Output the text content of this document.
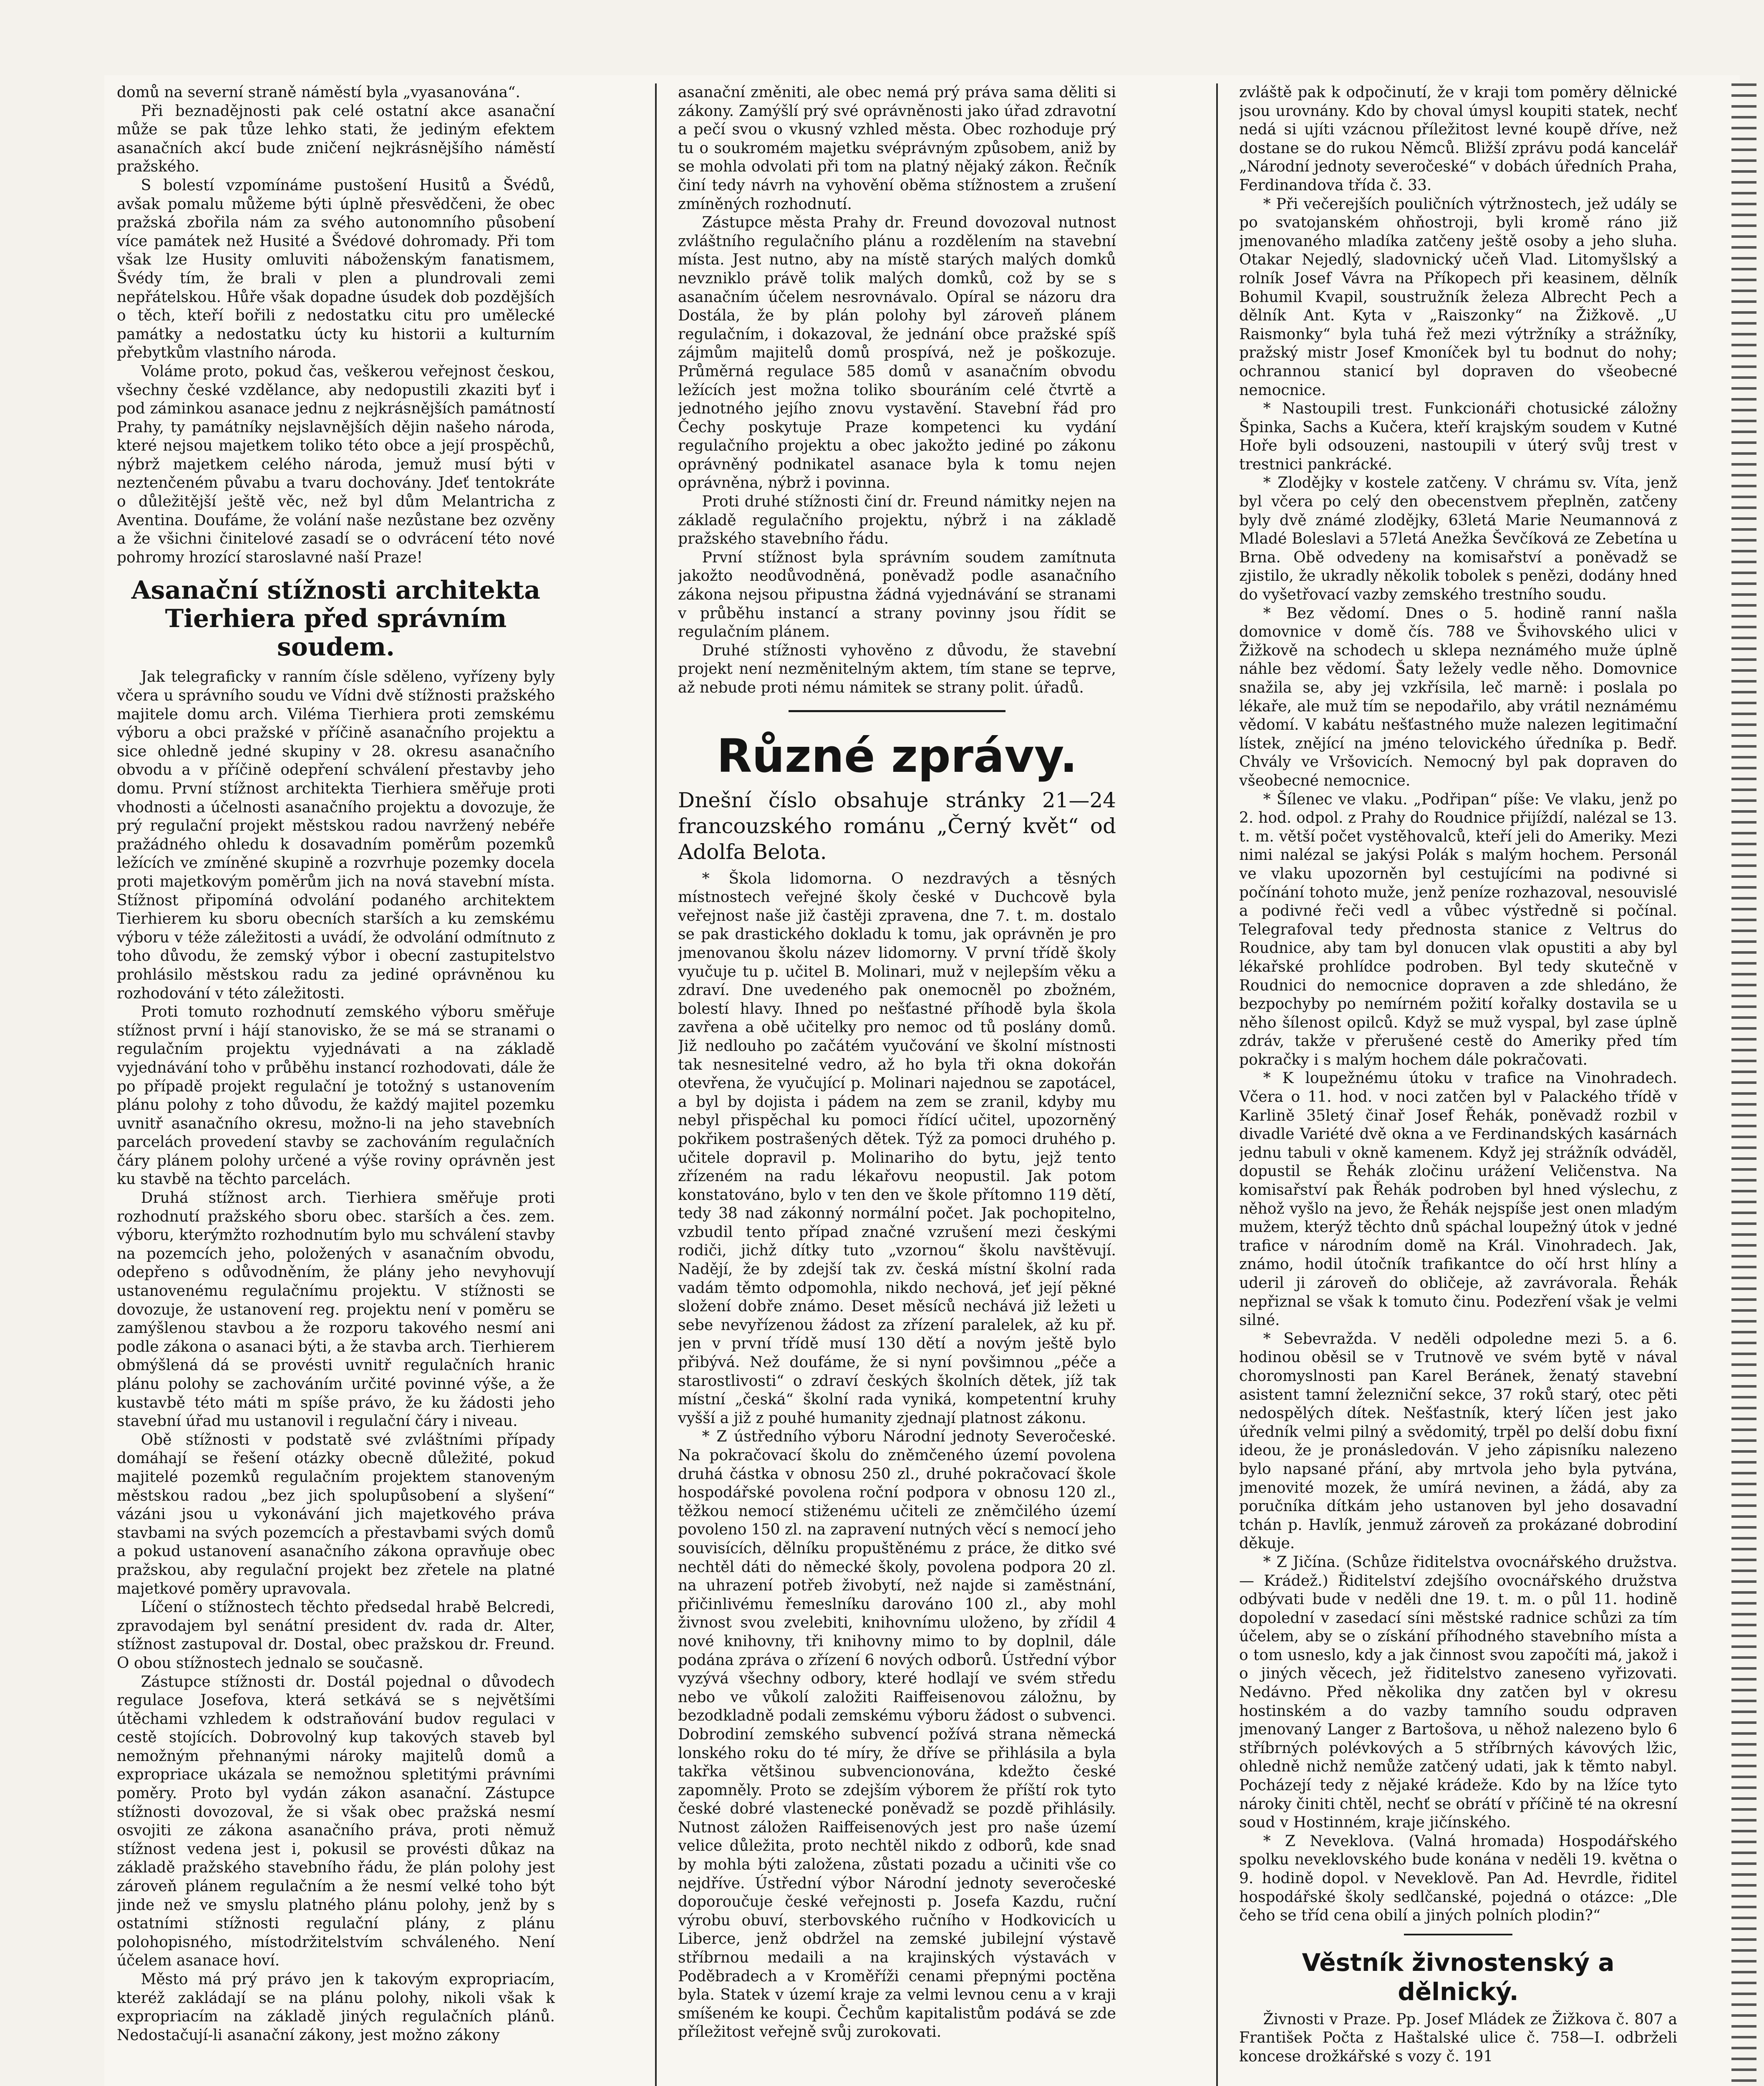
domů na severní straně náměstí byla „vyasanována“.

Při beznadějnosti pak celé ostatní akce asanační může se pak tůze lehko stati, že jediným efektem asanačních akcí bude zničení nejkrásnějšího náměstí pražského.

S bolestí vzpomínáme pustošení Husitů a Švédů, avšak pomalu můžeme býti úplně přesvědčeni, že obec pražská zbořila nám za svého autonomního působení více památek než Husité a Švédové dohromady. Při tom však lze Husity omluviti náboženským fanatismem, Švédy tím, že brali v plen a plundrovali zemi nepřátelskou. Hůře však dopadne úsudek dob pozdějších o těch, kteří bořili z nedostatku citu pro umělecké památky a nedostatku úcty ku historii a kulturním přebytkům vlastního národa.

Voláme proto, pokud čas, veškerou veřejnost českou, všechny české vzdělance, aby nedopustili zkaziti byť i pod záminkou asanace jednu z nejkrásnějších památností Prahy, ty památníky nejslavnějších dějin našeho národa, které nejsou majetkem toliko této obce a její prospěchů, nýbrž majetkem celého národa, jemuž musí býti v neztenčeném půvabu a tvaru dochovány. Jdeť tentokráte o důležitější ještě věc, než byl dům Melantricha z Aventina. Doufáme, že volání naše nezůstane bez ozvěny a že všichni činitelové zasadí se o odvrácení této nové pohromy hrozící staroslavné naší Praze!

Asanační stížnosti architekta Tierhiera před správním soudem.

Jak telegraficky v ranním čísle sděleno, vyřízeny byly včera u správního soudu ve Vídni dvě stížnosti pražského majitele domu arch. Viléma Tierhiera proti zemskému výboru a obci pražské v příčině asanačního projektu a sice ohledně jedné skupiny v 28. okresu asanačního obvodu a v příčině odepření schválení přestavby jeho domu. První stížnost architekta Tierhiera směřuje proti vhodnosti a účelnosti asanačního projektu a dovozuje, že prý regulační projekt městskou radou navržený nebéře pražádného ohledu k dosavadním poměrům pozemků ležících ve zmíněné skupině a rozvrhuje pozemky docela proti majetkovým poměrům jich na nová stavební místa. Stížnost připomíná odvolání podaného architektem Tierhierem ku sboru obecních starších a ku zemskému výboru v téže záležitosti a uvádí, že odvolání odmítnuto z toho důvodu, že zemský výbor i obecní zastupitelstvo prohlásilo městskou radu za jediné oprávněnou ku rozhodování v této záležitosti.

Proti tomuto rozhodnutí zemského výboru směřuje stížnost první i hájí stanovisko, že se má se stranami o regulačním projektu vyjednávati a na základě vyjednávání toho v průběhu instancí rozhodovati, dále že po případě projekt regulační je totožný s ustanovením plánu polohy z toho důvodu, že každý majitel pozemku uvnitř asanačního okresu, možno-li na jeho stavebních parcelách provedení stavby se zachováním regulačních čáry plánem polohy určené a výše roviny oprávněn jest ku stavbě na těchto parcelách.

Druhá stížnost arch. Tierhiera směřuje proti rozhodnutí pražského sboru obec. starších a čes. zem. výboru, kterýmžto rozhodnutím bylo mu schválení stavby na pozemcích jeho, položených v asanačním obvodu, odepřeno s odůvodněním, že plány jeho nevyhovují ustanovenému regulačnímu projektu. V stížnosti se dovozuje, že ustanovení reg. projektu není v poměru se zamýšlenou stavbou a že rozporu takového nesmí ani podle zákona o asanaci býti, a že stavba arch. Tierhierem obmýšlená dá se provésti uvnitř regulačních hranic plánu polohy se zachováním určité povinné výše, a že kustavbě této máti m spíše právo, že ku žádosti jeho stavební úřad mu ustanovil i regulační čáry i niveau.

Obě stížnosti v podstatě své zvláštními případy domáhají se řešení otázky obecně důležité, pokud majitelé pozemků regulačním projektem stanoveným městskou radou „bez jich spolupůsobení a slyšení“ vázáni jsou u vykonávání jich majetkového práva stavbami na svých pozemcích a přestavbami svých domů a pokud ustanovení asanačního zákona opravňuje obec pražskou, aby regulační projekt bez zřetele na platné majetkové poměry upravovala.

Líčení o stížnostech těchto předsedal hrabě Belcredi, zpravodajem byl senátní president dv. rada dr. Alter, stížnost zastupoval dr. Dostal, obec pražskou dr. Freund. O obou stížnostech jednalo se současně.

Zástupce stížnosti dr. Dostál pojednal o důvodech regulace Josefova, která setkává se s největšími útěchami vzhledem k odstraňování budov regulaci v cestě stojících. Dobrovolný kup takových staveb byl nemožným přehnanými nároky majitelů domů a expropriace ukázala se nemožnou spletitými právními poměry. Proto byl vydán zákon asanační. Zástupce stížnosti dovozoval, že si však obec pražská nesmí osvojiti ze zákona asanačního práva, proti němuž stížnost vedena jest i, pokusil se provésti důkaz na základě pražského stavebního řádu, že plán polohy jest zároveň plánem regulačním a že nesmí velké toho být jinde než ve smyslu platného plánu polohy, jenž by s ostatními stížnosti regulační plány, z plánu polohopisného, místodržitelstvím schváleného. Není účelem asanace hoví.

Město má prý právo jen k takovým expropriacím, kteréž zakládají se na plánu polohy, nikoli však k expropriacím na základě jiných regulačních plánů. Nedostačují-li asanační zákony, jest možno zákony

asanační změniti, ale obec nemá prý práva sama děliti si zákony. Zamýšlí prý své oprávněnosti jako úřad zdravotní a pečí svou o vkusný vzhled města. Obec rozhoduje prý tu o soukromém majetku svéprávným způsobem, aniž by se mohla odvolati při tom na platný nějaký zákon. Řečník činí tedy návrh na vyhovění oběma stížnostem a zrušení zmíněných rozhodnutí.

Zástupce města Prahy dr. Freund dovozoval nutnost zvláštního regulačního plánu a rozdělením na stavební místa. Jest nutno, aby na místě starých malých domků nevzniklo právě tolik malých domků, což by se s asanačním účelem nesrovnávalo. Opíral se názoru dra Dostála, že by plán polohy byl zároveň plánem regulačním, i dokazoval, že jednání obce pražské spíš zájmům majitelů domů prospívá, než je poškozuje. Průměrná regulace 585 domů v asanačním obvodu ležících jest možna toliko sbouráním celé čtvrtě a jednotného jejího znovu vystavění. Stavební řád pro Čechy poskytuje Praze kompetenci ku vydání regulačního projektu a obec jakožto jediné po zákonu oprávněný podnikatel asanace byla k tomu nejen oprávněna, nýbrž i povinna.

Proti druhé stížnosti činí dr. Freund námitky nejen na základě regulačního projektu, nýbrž i na základě pražského stavebního řádu.

První stížnost byla správním soudem zamítnuta jakožto neodůvodněná, poněvadž podle asanačního zákona nejsou připustna žádná vyjednávání se stranami v průběhu instancí a strany povinny jsou řídit se regulačním plánem.

Druhé stížnosti vyhověno z důvodu, že stavební projekt není nezměnitelným aktem, tím stane se teprve, až nebude proti nému námitek se strany polit. úřadů.

Různé zprávy.
Dnešní číslo obsahuje stránky 21—24 francouzského románu „Černý květ“ od Adolfa Belota.

* Škola lidomorna. O nezdravých a těsných místnostech veřejné školy české v Duchcově byla veřejnost naše již častěji zpravena, dne 7. t. m. dostalo se pak drastického dokladu k tomu, jak oprávněn je pro jmenovanou školu název lidomorny. V první třídě školy vyučuje tu p. učitel B. Molinari, muž v nejlepším věku a zdraví. Dne uvedeného pak onemocněl po zbožném, bolestí hlavy. Ihned po nešťastné příhodě byla škola zavřena a obě učitelky pro nemoc od tů poslány domů. Již nedlouho po začátém vyučování ve školní místnosti tak nesnesitelné vedro, až ho byla tři okna dokořán otevřena, že vyučující p. Molinari najednou se zapotácel, a byl by dojista i pádem na zem se zranil, kdyby mu nebyl přispěchal ku pomoci řídící učitel, upozorněný pokřikem postrašených dětek. Týž za pomoci druhého p. učitele dopravil p. Molinariho do bytu, jejž tento zřízeném na radu lékařovu neopustil. Jak potom konstatováno, bylo v ten den ve škole přítomno 119 dětí, tedy 38 nad zákonný normální počet. Jak pochopitelno, vzbudil tento případ značné vzrušení mezi českými rodiči, jichž dítky tuto „vzornou“ školu navštěvují. Nadějí, že by zdejší tak zv. česká místní školní rada vadám těmto odpomohla, nikdo nechová, jeť její pěkné složení dobře známo. Deset měsíců nechává již ležeti u sebe nevyřízenou žádost za zřízení paralelek, až ku př. jen v první třídě musí 130 dětí a novým ještě bylo přibývá. Než doufáme, že si nyní povšimnou „péče a starostlivosti“ o zdraví českých školních dětek, jíž tak místní „česká“ školní rada vyniká, kompetentní kruhy vyšší a již z pouhé humanity zjednají platnost zákonu.

* Z ústředního výboru Národní jednoty Severočeské. Na pokračovací školu do zněmčeného území povolena druhá částka v obnosu 250 zl., druhé pokračovací škole hospodářské povolena roční podpora v obnosu 120 zl., těžkou nemocí stiženému učiteli ze zněmčilého území povoleno 150 zl. na zapravení nutných věcí s nemocí jeho souvisících, dělníku propuštěnému z práce, že ditko své nechtěl dáti do německé školy, povolena podpora 20 zl. na uhrazení potřeb živobytí, než najde si zaměstnání, přičinlivému řemeslníku darováno 100 zl., aby mohl živnost svou zvelebiti, knihovnímu uloženo, by zřídil 4 nové knihovny, tři knihovny mimo to by doplnil, dále podána zpráva o zřízení 6 nových odborů. Ústřední výbor vyzývá všechny odbory, které hodlají ve svém středu nebo ve vůkolí založiti Raiffeisenovou záložnu, by bezodkladně podali zemskému výboru žádost o subvenci. Dobrodiní zemského subvencí požívá strana německá lonského roku do té míry, že dříve se přihlásila a byla takřka většinou subvencionována, kdežto české zapomněly. Proto se zdejším výborem že příští rok tyto české dobré vlastenecké poněvadž se pozdě přihlásily. Nutnost záložen Raiffeisenových jest pro naše území velice důležita, proto nechtěl nikdo z odborů, kde snad by mohla býti založena, zůstati pozadu a učiniti vše co nejdříve. Ústřední výbor Národní jednoty severočeské doporoučuje české veřejnosti p. Josefa Kazdu, ruční výrobu obuví, sterbovského ručního v Hodkovicích u Liberce, jenž obdržel na zemské jubilejní výstavě stříbrnou medaili a na krajinských výstavách v Poděbradech a v Kroměříži cenami přepnými poctěna byla. Statek v území kraje za velmi levnou cenu a v kraji smíšeném ke koupi. Čechům kapitalistům podává se zde příležitost veřejně svůj zurokovati.

zvláště pak k odpočinutí, že v kraji tom poměry dělnické jsou urovnány. Kdo by choval úmysl koupiti statek, nechť nedá si ujíti vzácnou příležitost levné koupě dříve, než dostane se do rukou Němců. Bližší zprávu podá kancelář „Národní jednoty severočeské“ v dobách úředních Praha, Ferdinandova třída č. 33.

* Při večerejších pouličních výtržnostech, jež udály se po svatojanském ohňostroji, byli kromě ráno již jmenovaného mladíka zatčeny ještě osoby a jeho sluha. Otakar Nejedlý, sladovnický učeň Vlad. Litomyšlský a rolník Josef Vávra na Příkopech při keasinem, dělník Bohumil Kvapil, soustružník železa Albrecht Pech a dělník Ant. Kyta v „Raiszonky“ na Žižkově. „U Raismonky“ byla tuhá řež mezi výtržníky a strážníky, pražský mistr Josef Kmoníček byl tu bodnut do nohy; ochrannou stanicí byl dopraven do všeobecné nemocnice.

* Nastoupili trest. Funkcionáři chotusické záložny Špinka, Sachs a Kučera, kteří krajským soudem v Kutné Hoře byli odsouzeni, nastoupili v úterý svůj trest v trestnici pankrácké.

* Zlodějky v kostele zatčeny. V chrámu sv. Víta, jenž byl včera po celý den obecenstvem přeplněn, zatčeny byly dvě známé zlodějky, 63letá Marie Neumannová z Mladé Boleslavi a 57letá Anežka Ševčíková ze Zebetína u Brna. Obě odvedeny na komisařství a poněvadž se zjistilo, že ukradly několik tobolek s penězi, dodány hned do vyšetřovací vazby zemského trestního soudu.

* Bez vědomí. Dnes o 5. hodině ranní našla domovnice v domě čís. 788 ve Švihovského ulici v Žižkově na schodech u sklepa neznámého muže úplně náhle bez vědomí. Šaty ležely vedle něho. Domovnice snažila se, aby jej vzkřísila, leč marně: i poslala po lékaře, ale muž tím se nepodařilo, aby vrátil neznámému vědomí. V kabátu nešťastného muže nalezen legitimační lístek, znějící na jméno telovického úředníka p. Bedř. Chvály ve Vršovicích. Nemocný byl pak dopraven do všeobecné nemocnice.

* Šílenec ve vlaku. „Podřipan“ píše: Ve vlaku, jenž po 2. hod. odpol. z Prahy do Roudnice přijíždí, nalézal se 13. t. m. větší počet vystěhovalců, kteří jeli do Ameriky. Mezi nimi nalézal se jakýsi Polák s malým hochem. Personál ve vlaku upozorněn byl cestujícími na podivné si počínání tohoto muže, jenž peníze rozhazoval, nesouvislé a podivné řeči vedl a vůbec výstředně si počínal. Telegrafoval tedy přednosta stanice z Veltrus do Roudnice, aby tam byl donucen vlak opustiti a aby byl lékařské prohlídce podroben. Byl tedy skutečně v Roudnici do nemocnice dopraven a zde shledáno, že bezpochyby po nemírném požití kořalky dostavila se u něho šílenost opilců. Když se muž vyspal, byl zase úplně zdráv, takže v přerušené cestě do Ameriky před tím pokračky i s malým hochem dále pokračovati.

* K loupežnému útoku v trafice na Vinohradech. Včera o 11. hod. v noci zatčen byl v Palackého třídě v Karlině 35letý činař Josef Řehák, poněvadž rozbil v divadle Variété dvě okna a ve Ferdinandských kasárnách jednu tabuli v okně kamenem. Když jej strážník odváděl, dopustil se Řehák zločinu urážení Veličenstva. Na komisařství pak Řehák podroben byl hned výslechu, z něhož vyšlo na jevo, že Řehák nejspíše jest onen mladým mužem, kterýž těchto dnů spáchal loupežný útok v jedné trafice v národním domě na Král. Vinohradech. Jak, známo, hodil útočník trafikantce do očí hrst hlíny a uderil ji zároveň do obličeje, až zavrávorala. Řehák nepřiznal se však k tomuto činu. Podezření však je velmi silné.

* Sebevražda. V neděli odpoledne mezi 5. a 6. hodinou oběsil se v Trutnově ve svém bytě v nával choromyslnosti pan Karel Beránek, ženatý stavební asistent tamní železniční sekce, 37 roků starý, otec pěti nedospělých dítek. Nešťastník, který líčen jest jako úředník velmi pilný a svědomitý, trpěl po delší dobu fixní ideou, že je pronásledován. V jeho zápisníku nalezeno bylo napsané přání, aby mrtvola jeho byla pytvána, jmenovité mozek, že umírá nevinen, a žádá, aby za poručníka dítkám jeho ustanoven byl jeho dosavadní tchán p. Havlík, jenmuž zároveň za prokázané dobrodiní děkuje.

* Z Jičína. (Schůze řiditelstva ovocnářského družstva. — Krádež.) Řiditelství zdejšího ovocnářského družstva odbývati bude v neděli dne 19. t. m. o půl 11. hodině dopolední v zasedací síni městské radnice schůzi za tím účelem, aby se o získání příhodného stavebního místa a o tom usneslo, kdy a jak činnost svou započíti má, jakož i o jiných věcech, jež řiditelstvo zaneseno vyřizovati. Nedávno. Před několika dny zatčen byl v okresu hostinském a do vazby tamního soudu odpraven jmenovaný Langer z Bartošova, u něhož nalezeno bylo 6 stříbrných polévkových a 5 stříbrných kávových lžic, ohledně nichž nemůže zatčený udati, jak k těmto nabyl. Pocházejí tedy z nějaké krádeže. Kdo by na lžíce tyto nároky činiti chtěl, nechť se obrátí v příčině té na okresní soud v Hostinném, kraje jičínského.

* Z Neveklova. (Valná hromada) Hospodářského spolku neveklovského bude konána v neděli 19. května o 9. hodině dopol. v Neveklově. Pan Ad. Hevrdle, řiditel hospodářské školy sedlčanské, pojedná o otázce: „Dle čeho se tříd cena obilí a jiných polních plodin?“

Věstník živnostenský a dělnický.

Živnosti v Praze. Pp. Josef Mládek ze Žižkova č. 807 a František Počta z Haštalské ulice č. 758—I. odbrželi koncese drožkářské s vozy č. 191
